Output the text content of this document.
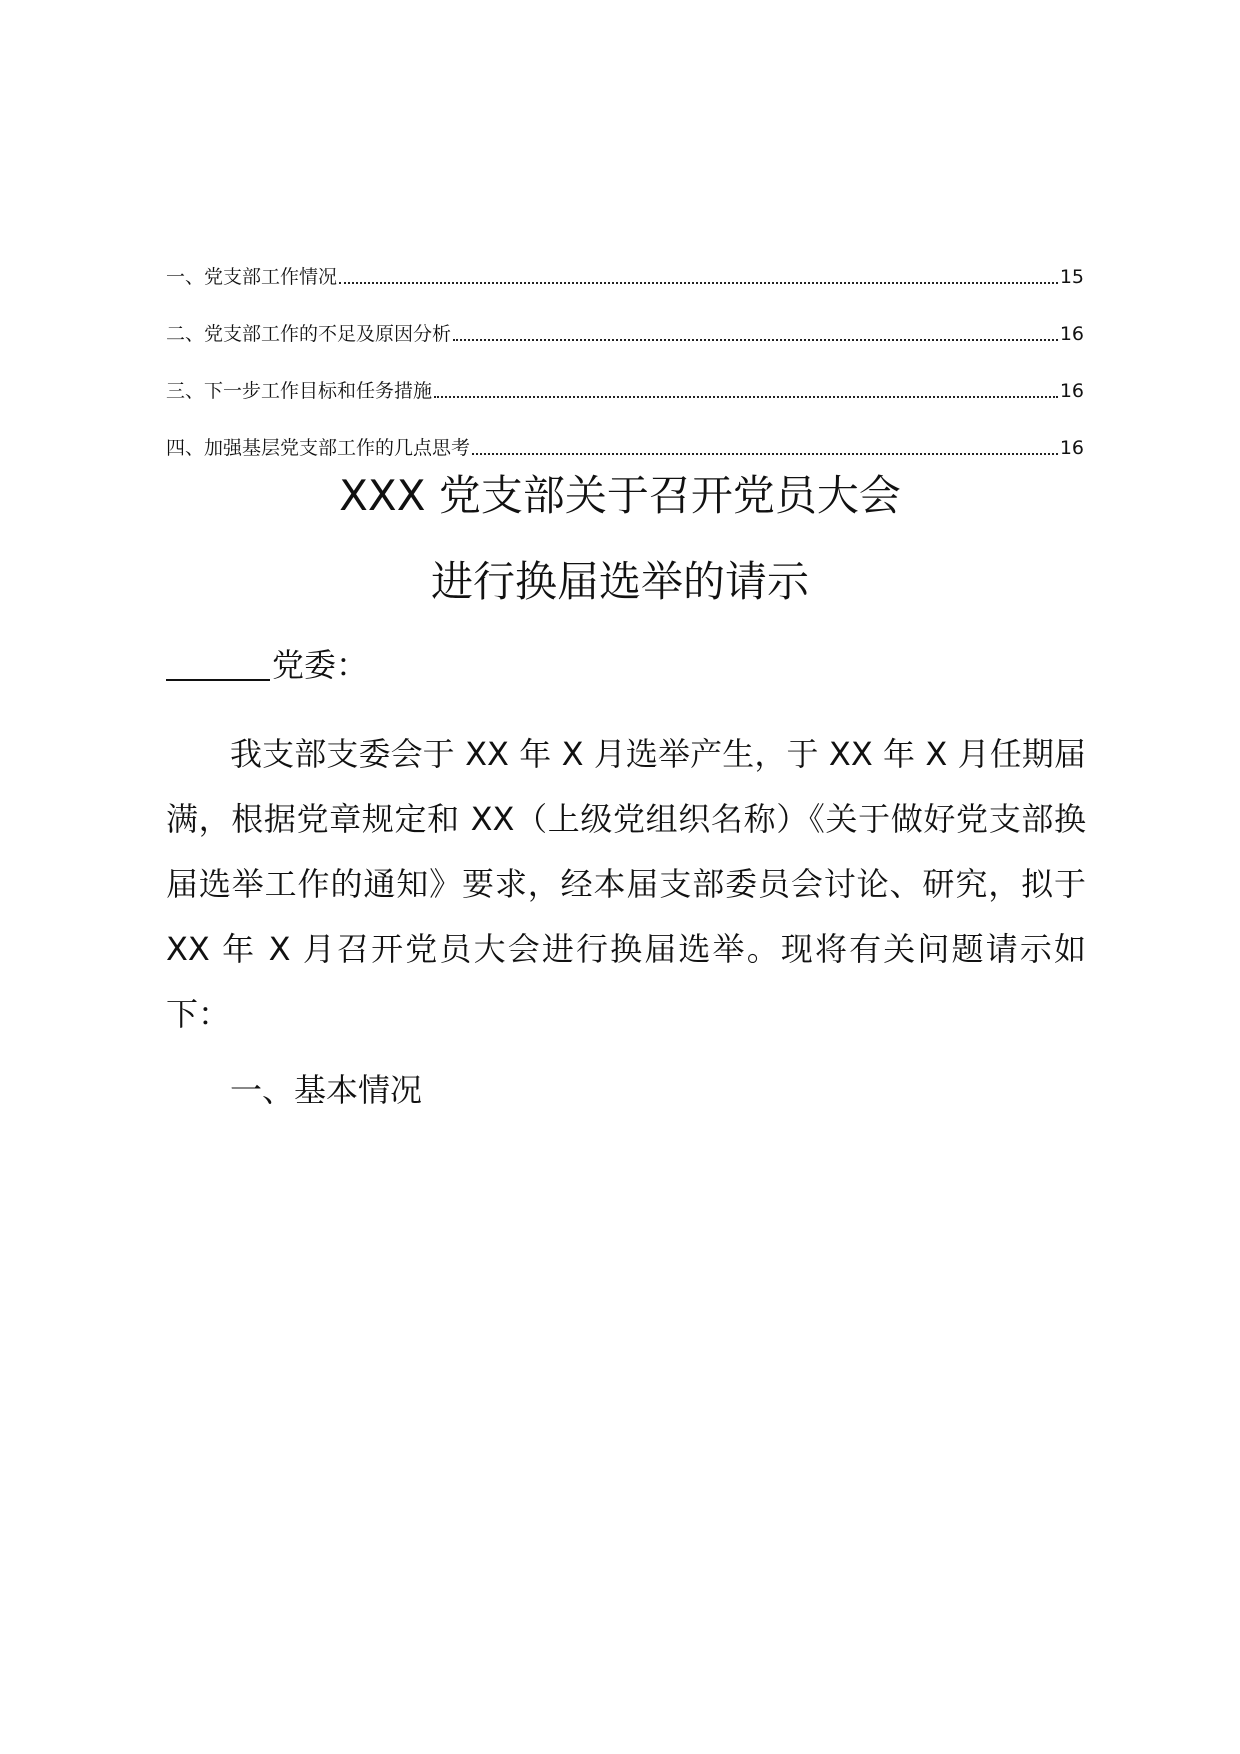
一、党支部工作情况	15
二、党支部工作的不足及原因分析	16
三、下一步工作目标和任务措施	16
四、加强基层党支部工作的几点思考	16
XXX 党支部关于召开党员大会
进行换届选举的请示
党委：
我支部支委会于 XX 年 X 月选举产生，于 XX 年 X 月任期届满，根据党章规定和 XX（上级党组织名称）《关于做好党支部换届选举工作的通知》要求，经本届支部委员会讨论、研究，拟于 XX 年 X 月召开党员大会进行换届选举。现将有关问题请示如下：
一、基本情况
